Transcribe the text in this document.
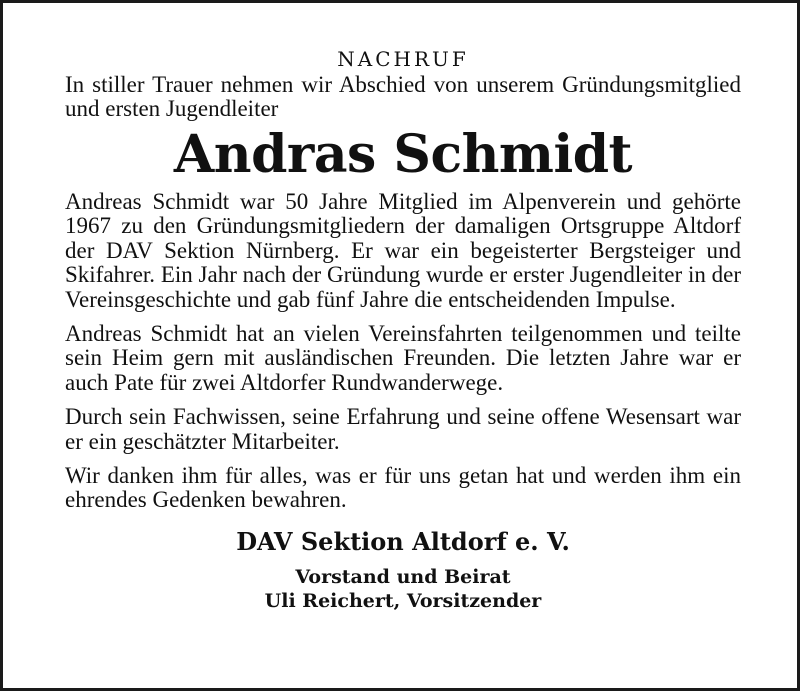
NACHRUF

In stiller Trauer nehmen wir Abschied von unserem Gründungsmitglied und ersten Jugendleiter

Andras Schmidt

Andreas Schmidt war 50 Jahre Mitglied im Alpenverein und gehörte 1967 zu den Gründungsmitgliedern der damaligen Ortsgruppe Altdorf der DAV Sektion Nürnberg. Er war ein begeisterter Bergsteiger und Skifahrer. Ein Jahr nach der Gründung wurde er erster Jugendleiter in der Vereinsgeschichte und gab fünf Jahre die entscheidenden Impulse.

Andreas Schmidt hat an vielen Vereinsfahrten teilgenommen und teilte sein Heim gern mit ausländischen Freunden. Die letzten Jahre war er auch Pate für zwei Altdorfer Rundwanderwege.

Durch sein Fachwissen, seine Erfahrung und seine offene Wesensart war er ein geschätzter Mitarbeiter.

Wir danken ihm für alles, was er für uns getan hat und werden ihm ein ehrendes Gedenken bewahren.

DAV Sektion Altdorf e. V.

Vorstand und Beirat

Uli Reichert, Vorsitzender
